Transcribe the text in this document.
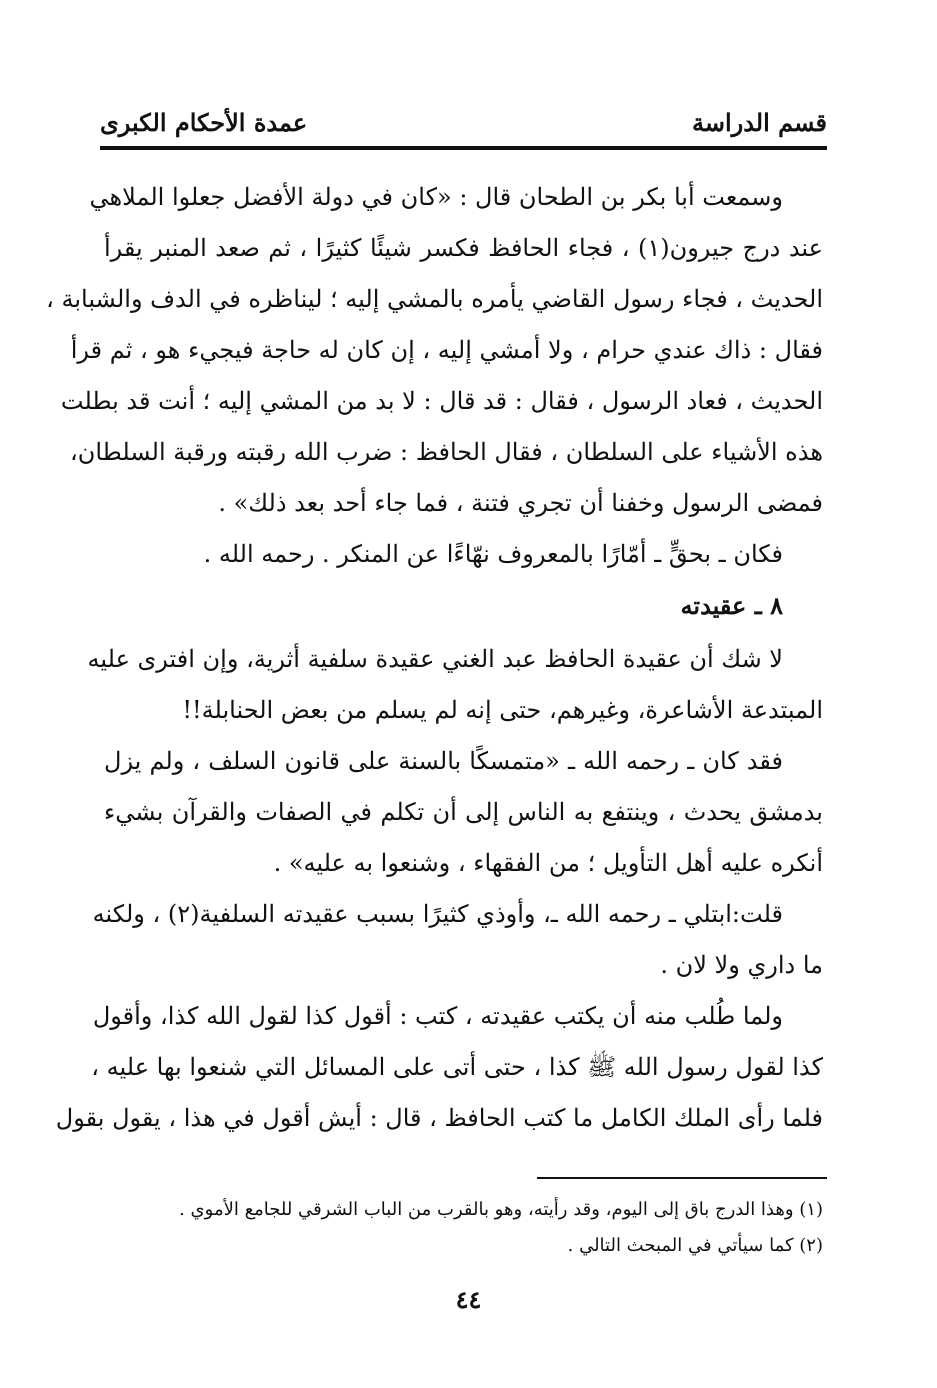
قسم الدراسة
عمدة الأحكام الكبرى
وسمعت أبا بكر بن الطحان قال : «كان في دولة الأفضل جعلوا الملاهي
عند درج جيرون(١) ، فجاء الحافظ فكسر شيئًا كثيرًا ، ثم صعد المنبر يقرأ
الحديث ، فجاء رسول القاضي يأمره بالمشي إليه ؛ ليناظره في الدف والشبابة ،
فقال : ذاك عندي حرام ، ولا أمشي إليه ، إن كان له حاجة فيجيء هو ، ثم قرأ
الحديث ، فعاد الرسول ، فقال : قد قال : لا بد من المشي إليه ؛ أنت قد بطلت
هذه الأشياء على السلطان ، فقال الحافظ : ضرب الله رقبته ورقبة السلطان،
فمضى الرسول وخفنا أن تجري فتنة ، فما جاء أحد بعد ذلك» .
فكان ـ بحقٍّ ـ أمّارًا بالمعروف نهّاءًا عن المنكر . رحمه الله .
٨ ـ عقيدته
لا شك أن عقيدة الحافظ عبد الغني عقيدة سلفية أثرية، وإن افترى عليه
المبتدعة الأشاعرة، وغيرهم، حتى إنه لم يسلم من بعض الحنابلة!!
فقد كان ـ رحمه الله ـ «متمسكًا بالسنة على قانون السلف ، ولم يزل
بدمشق يحدث ، وينتفع به الناس إلى أن تكلم في الصفات والقرآن بشيء
أنكره عليه أهل التأويل ؛ من الفقهاء ، وشنعوا به عليه» .
قلت:ابتلي ـ رحمه الله ـ، وأوذي كثيرًا بسبب عقيدته السلفية(٢) ، ولكنه
ما داري ولا لان .
ولما طُلب منه أن يكتب عقيدته ، كتب : أقول كذا لقول الله كذا، وأقول
كذا لقول رسول الله ﷺ كذا ، حتى أتى على المسائل التي شنعوا بها عليه ،
فلما رأى الملك الكامل ما كتب الحافظ ، قال : أيش أقول في هذا ، يقول بقول
(١) وهذا الدرج باق إلى اليوم، وقد رأيته، وهو بالقرب من الباب الشرقي للجامع الأموي .
(٢) كما سيأتي في المبحث التالي .
٤٤
